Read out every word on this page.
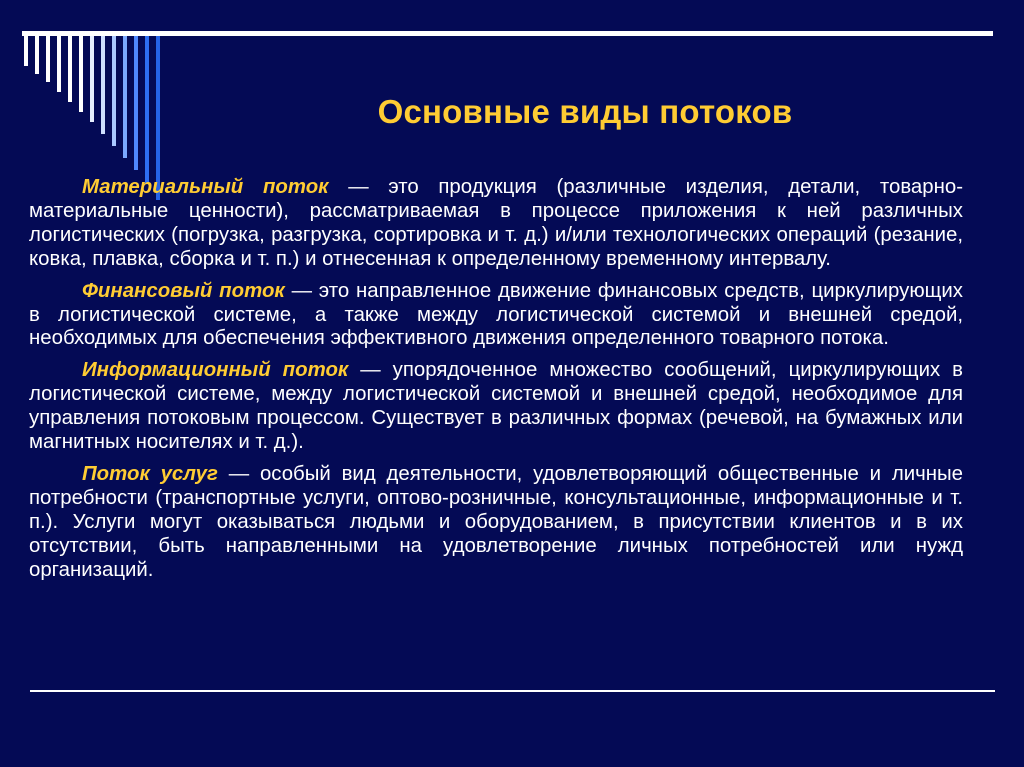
Основные виды потоков

Материальный поток — это продукция (различные изделия, детали, товарно-материальные ценности), рассматриваемая в процессе приложения к ней различных логистических (погрузка, разгрузка, сортировка и т. д.) и/или технологических операций (резание, ковка, плавка, сборка и т. п.) и отнесенная к определенному временному интервалу.

Финансовый поток — это направленное движение финансовых средств, циркулирующих в логистической системе, а также между логистической системой и внешней средой, необходимых для обеспечения эффективного движения определенного товарного потока.

Информационный поток — упорядоченное множество сообщений, циркулирующих в логистической системе, между логистической системой и внешней средой, необходимое для управления потоковым процессом. Существует в различных формах (речевой, на бумажных или магнитных носителях и т. д.).

Поток услуг — особый вид деятельности, удовлетворяющий общественные и личные потребности (транспортные услуги, оптово-розничные, консультационные, информационные и т. п.). Услуги могут оказываться людьми и оборудованием, в присутствии клиентов и в их отсутствии, быть направленными на удовлетворение личных потребностей или нужд организаций.
